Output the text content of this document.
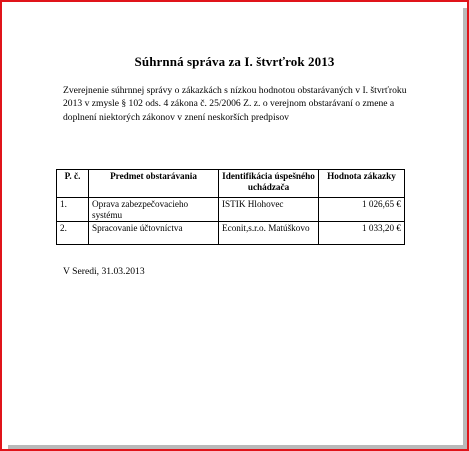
Súhrnná správa za I. štvrťrok 2013
Zverejnenie súhrnnej správy o zákazkách s nízkou hodnotou obstarávaných v I. štvrťroku 2013 v zmysle § 102 ods. 4 zákona č. 25/2006 Z. z. o verejnom obstarávaní o zmene a doplnení niektorých zákonov v znení neskorších predpisov
P. č.	Predmet obstarávania	Identifikácia úspešného uchádzača	Hodnota zákazky
1.	Oprava zabezpečovacieho systému	ISTIK Hlohovec	1 026,65 €
2.	Spracovanie účtovníctva	Econit,s.r.o. Matúškovo	1 033,20 €
V Seredi, 31.03.2013
